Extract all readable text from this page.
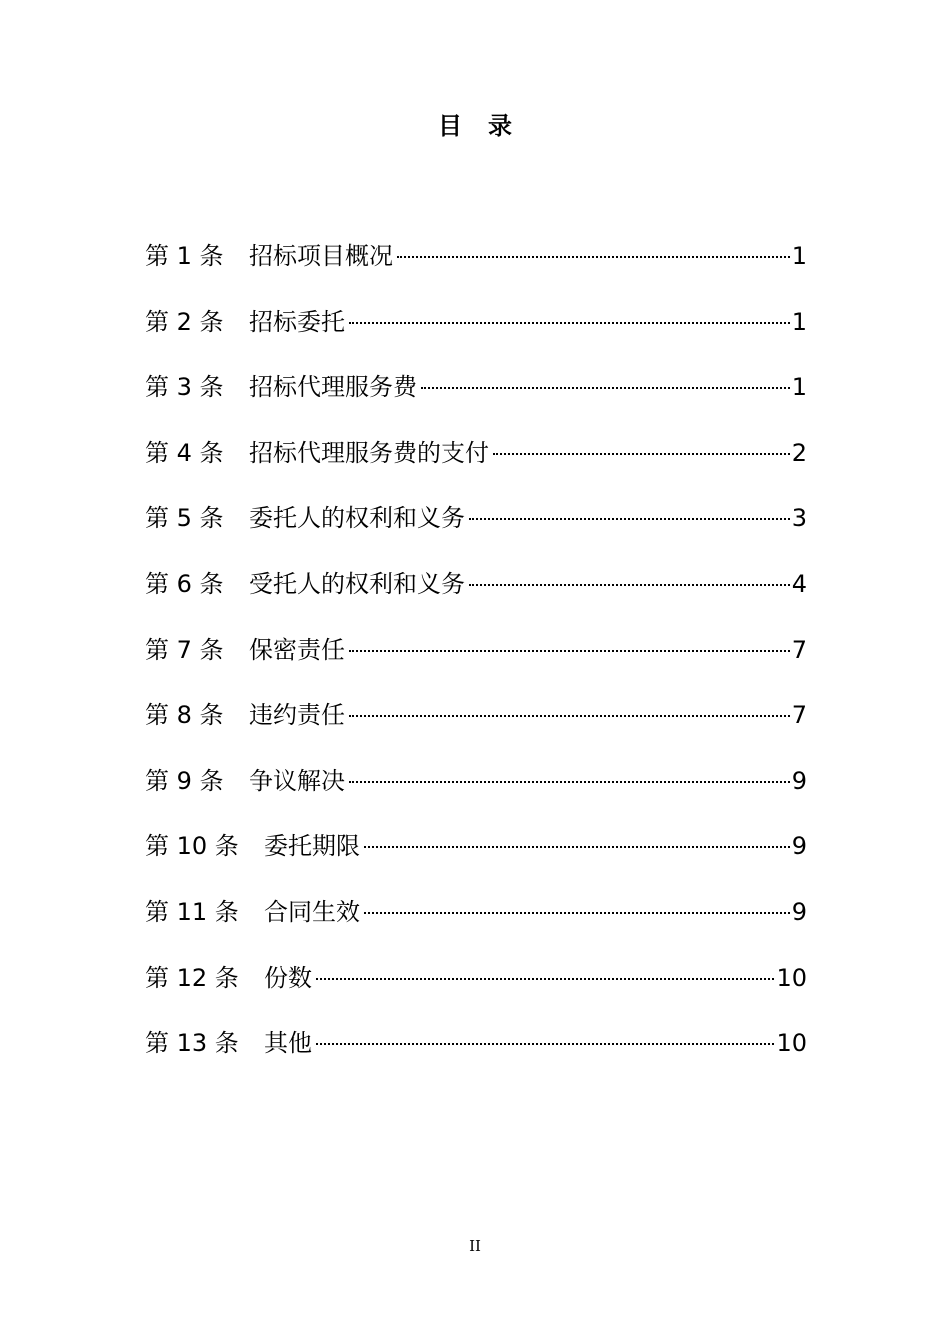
目 录
第 1 条	招标项目概况	1
第 2 条	招标委托	1
第 3 条	招标代理服务费	1
第 4 条	招标代理服务费的支付	2
第 5 条	委托人的权利和义务	3
第 6 条	受托人的权利和义务	4
第 7 条	保密责任	7
第 8 条	违约责任	7
第 9 条	争议解决	9
第 10 条	委托期限	9
第 11 条	合同生效	9
第 12 条	份数	10
第 13 条	其他	10
II
